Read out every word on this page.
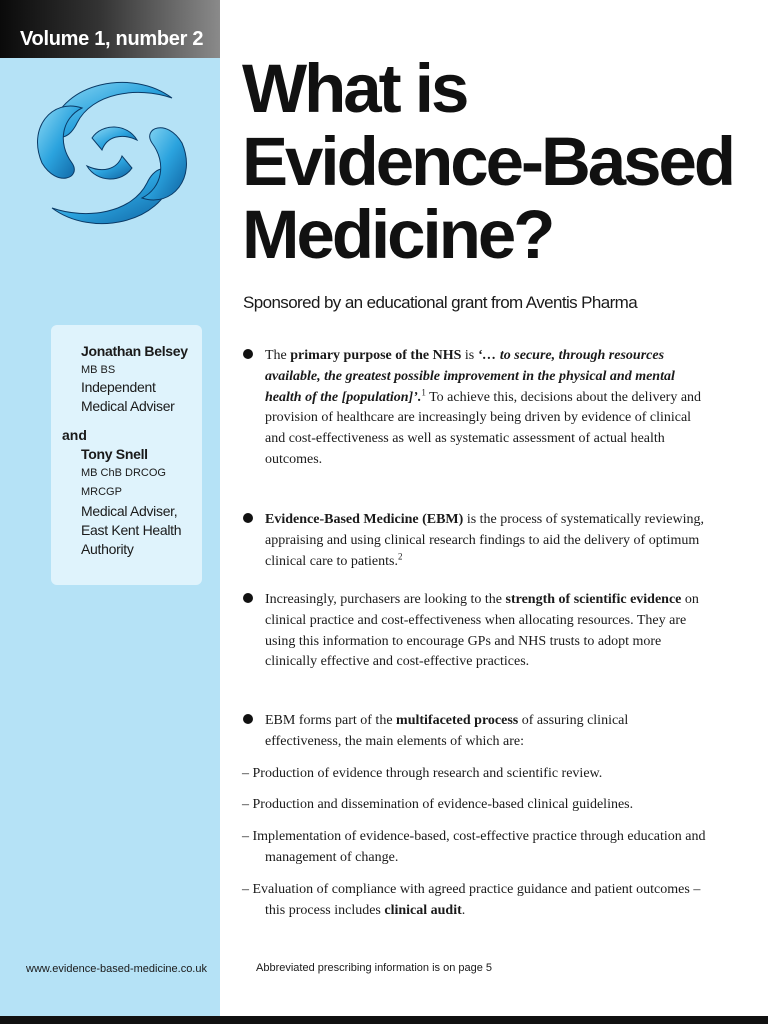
Volume 1, number 2
Jonathan Belsey
MB BS
Independent
Medical Adviser
and
Tony Snell
MB ChB DRCOG
MRCGP
Medical Adviser,
East Kent Health
Authority
www.evidence-based-medicine.co.uk
What is
Evidence-Based
Medicine?
Sponsored by an educational grant from Aventis Pharma
The primary purpose of the NHS is ‘… to secure, through resources available, the greatest possible improvement in the physical and mental health of the [population]’.$^1$ To achieve this, decisions about the delivery and provision of healthcare are increasingly being driven by evidence of clinical and cost-effectiveness as well as systematic assessment of actual health outcomes.
Evidence-Based Medicine (EBM) is the process of systematically reviewing, appraising and using clinical research findings to aid the delivery of optimum clinical care to patients.$^2$
Increasingly, purchasers are looking to the strength of scientific evidence on clinical practice and cost-effectiveness when allocating resources. They are using this information to encourage GPs and NHS trusts to adopt more clinically effective and cost-effective practices.
EBM forms part of the multifaceted process of assuring clinical effectiveness, the main elements of which are:
– Production of evidence through research and scientific review.
– Production and dissemination of evidence-based clinical guidelines.
– Implementation of evidence-based, cost-effective practice through education and management of change.
– Evaluation of compliance with agreed practice guidance and patient outcomes – this process includes clinical audit.
Abbreviated prescribing information is on page 5
